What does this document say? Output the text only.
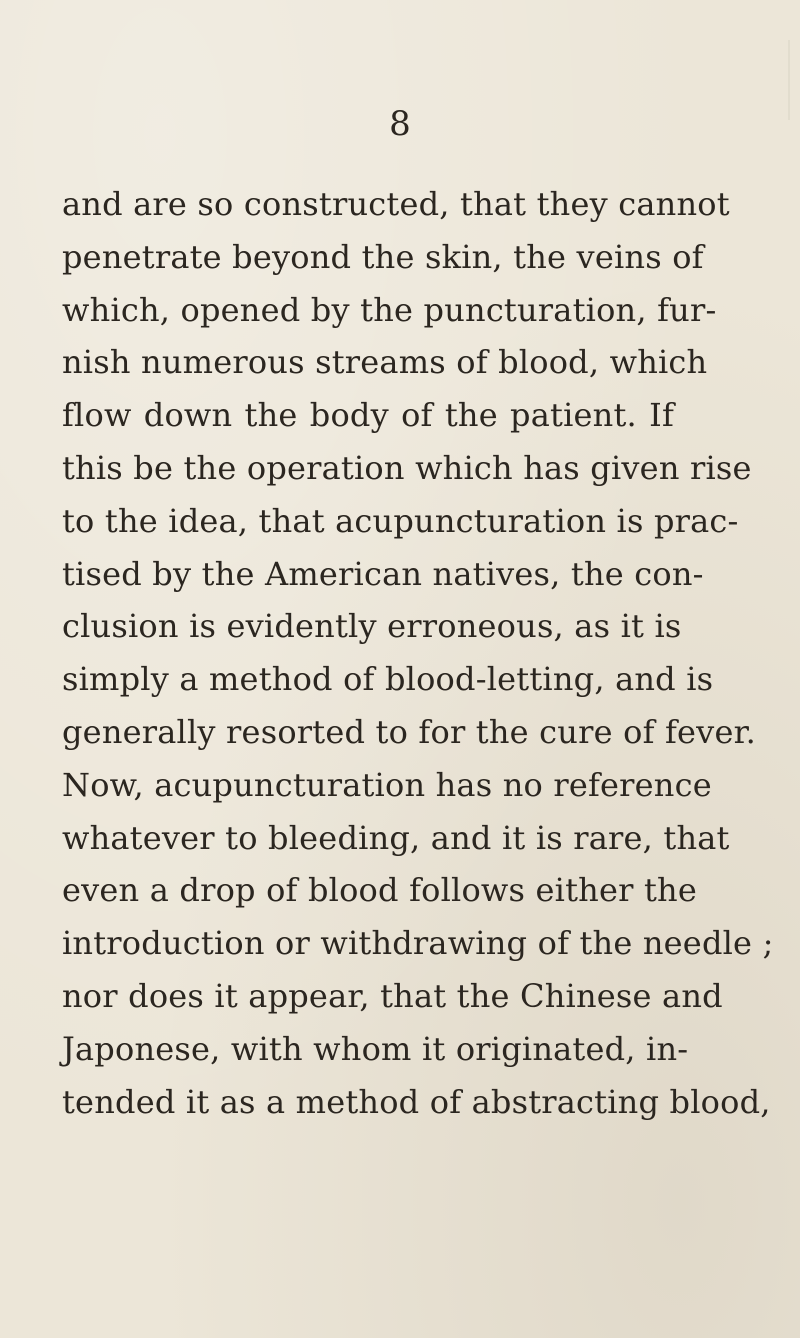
8
and are so constructed, that they cannot
penetrate beyond the skin, the veins of
which, opened by the puncturation, fur-
nish numerous streams of blood, which
flow down the body of the patient. If
this be the operation which has given rise
to the idea, that acupuncturation is prac-
tised by the American natives, the con-
clusion is evidently erroneous, as it is
simply a method of blood-letting, and is
generally resorted to for the cure of fever.
Now, acupuncturation has no reference
whatever to bleeding, and it is rare, that
even a drop of blood follows either the
introduction or withdrawing of the needle ;
nor does it appear, that the Chinese and
Japonese, with whom it originated, in-
tended it as a method of abstracting blood,
